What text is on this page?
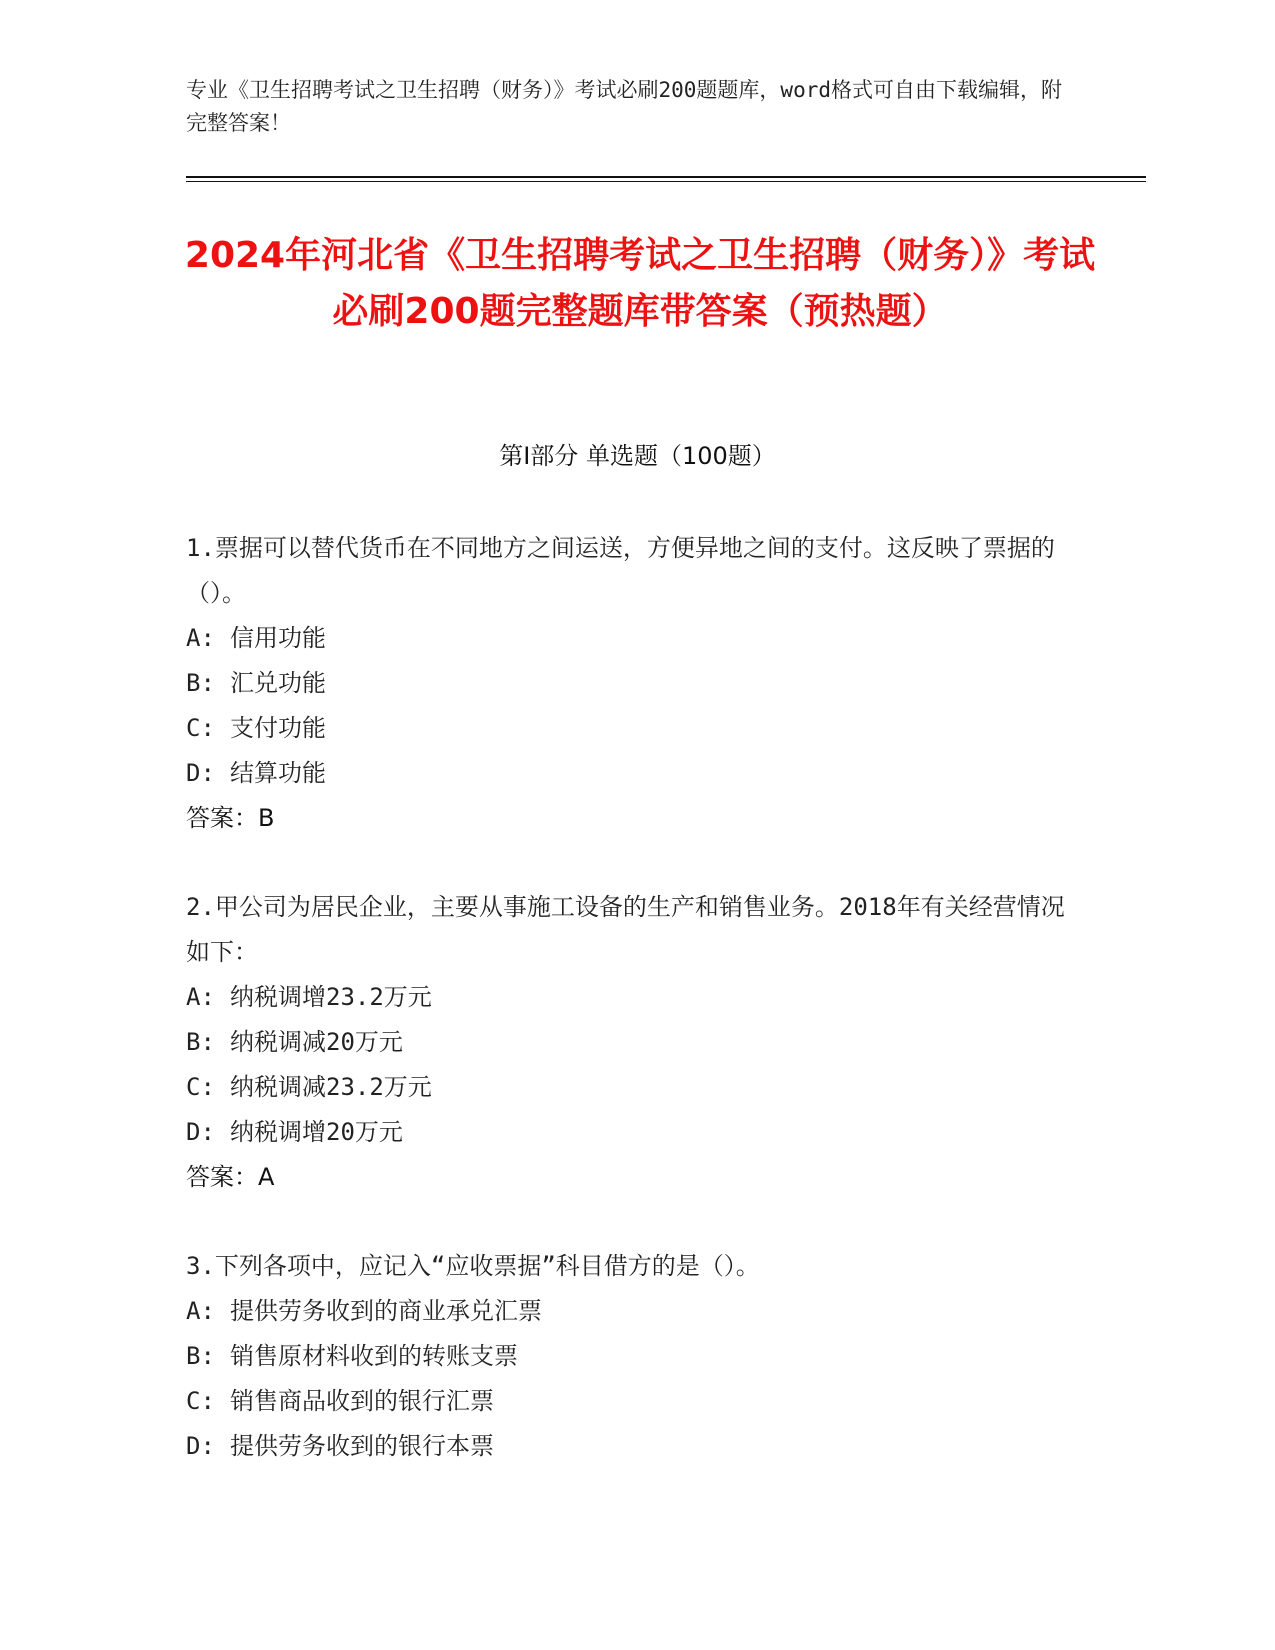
专业《卫生招聘考试之卫生招聘（财务）》考试必刷200题题库，word格式可自由下载编辑，附完整答案！
2024年河北省《卫生招聘考试之卫生招聘（财务）》考试必刷200题完整题库带答案（预热题）
第I部分 单选题（100题）

1.票据可以替代货币在不同地方之间运送，方便异地之间的支付。这反映了票据的（）。

A: 信用功能

B: 汇兑功能

C: 支付功能

D: 结算功能

答案：B

2.甲公司为居民企业，主要从事施工设备的生产和销售业务。2018年有关经营情况如下：

A: 纳税调增23.2万元

B: 纳税调减20万元

C: 纳税调减23.2万元

D: 纳税调增20万元

答案：A

3.下列各项中，应记入“应收票据”科目借方的是（）。

A: 提供劳务收到的商业承兑汇票

B: 销售原材料收到的转账支票

C: 销售商品收到的银行汇票

D: 提供劳务收到的银行本票
